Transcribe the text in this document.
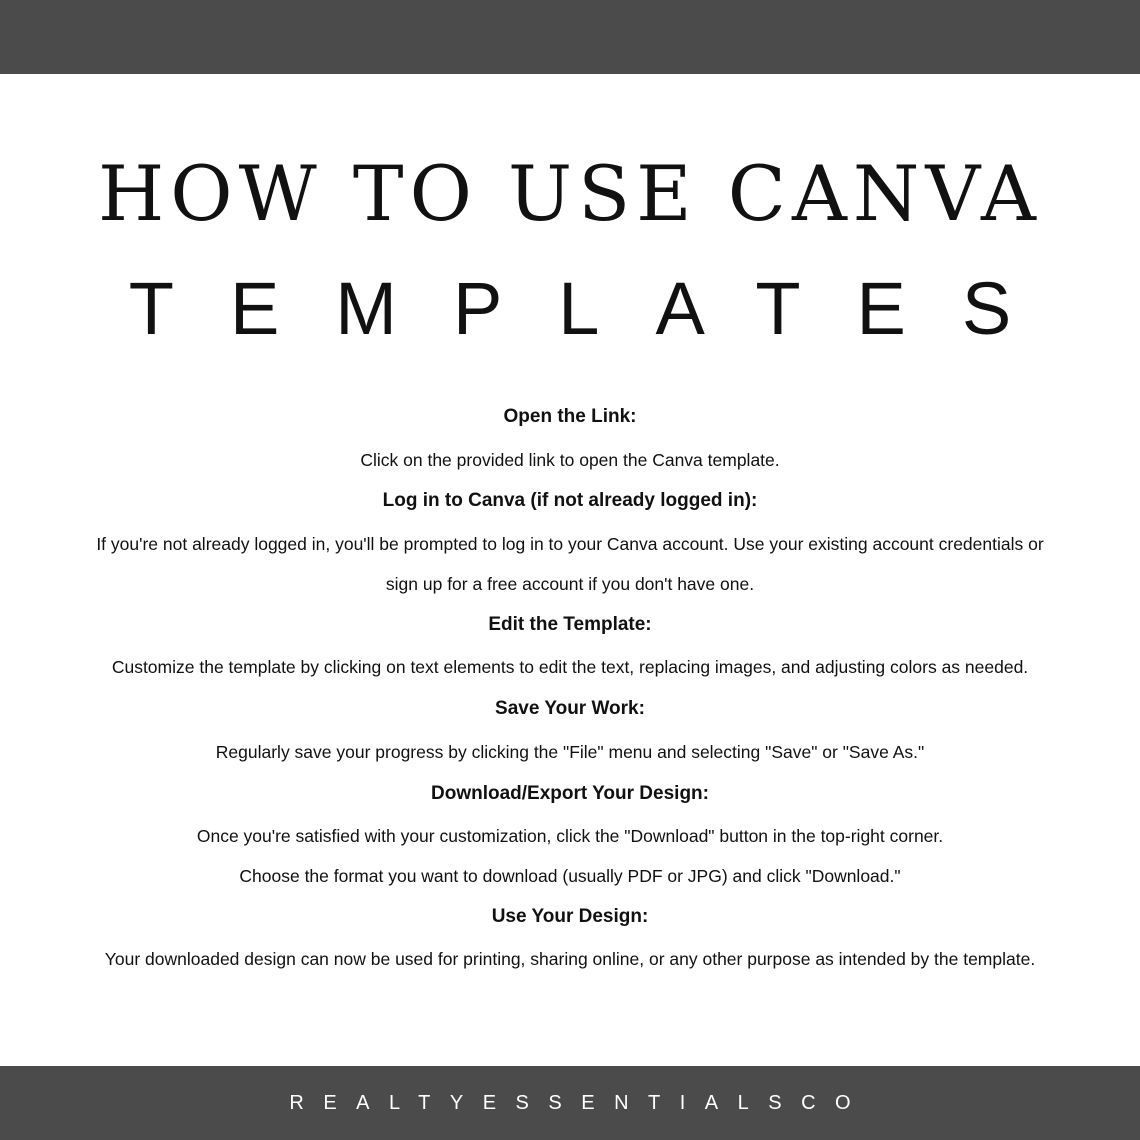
HOW TO USE CANVA
TEMPLATES
Open the Link:
Click on the provided link to open the Canva template.
Log in to Canva (if not already logged in):
If you're not already logged in, you'll be prompted to log in to your Canva account. Use your existing account credentials or
sign up for a free account if you don't have one.
Edit the Template:
Customize the template by clicking on text elements to edit the text, replacing images, and adjusting colors as needed.
Save Your Work:
Regularly save your progress by clicking the "File" menu and selecting "Save" or "Save As."
Download/Export Your Design:
Once you're satisfied with your customization, click the "Download" button in the top-right corner.
Choose the format you want to download (usually PDF or JPG) and click "Download."
Use Your Design:
Your downloaded design can now be used for printing, sharing online, or any other purpose as intended by the template.
REALTYESSENTIALSCO
